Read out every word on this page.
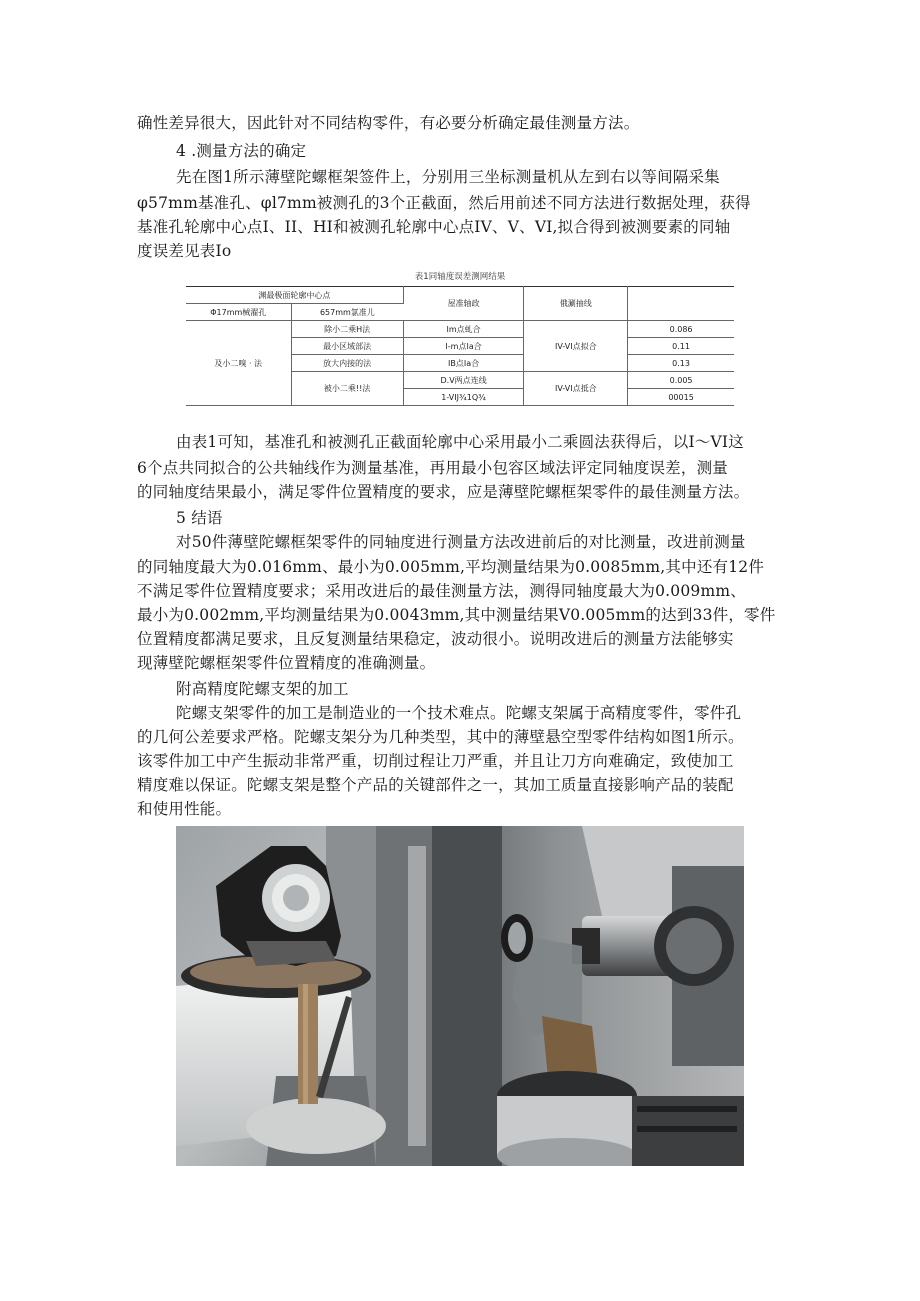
确性差异很大，因此针对不同结构零件，有必要分析确定最佳测量方法。
4 .测量方法的确定
先在图1所示薄壁陀螺框架签件上，分别用三坐标测量机从左到右以等间隔采集
φ57mm基准孔、φl7mm被测孔的3个正截面，然后用前述不同方法进行数据处理，获得
基准孔轮廓中心点I、II、HI和被测孔轮廓中心点IV、V、VI,拟合得到被测要素的同轴
度误差见表Io
表1同轴度误差测网结果
渊最极面轮廓中心点		屋准轴政	俄涮抽线	
Φ17mm械濯孔	657mm氯准儿			
及小二嗅 · 法	除小二乘H法	Im点虬合	IV-VI点拟合	0.086
	最小区域部法	I-m点Ia合		0.11
	放大内接的法	IB点Ia合		0.13
	被小二乘!!法	D.V两点连线	IV-VI点抵合	0.005
		1-VIJ¾1Q¾		00015
由表1可知，基准孔和被测孔正截面轮廓中心采用最小二乘圆法获得后，以I～VI这
6个点共同拟合的公共轴线作为测量基准，再用最小包容区域法评定同轴度误差，测量
的同轴度结果最小，满足零件位置精度的要求，应是薄壁陀螺框架零件的最佳测量方法。
5 结语
对50件薄壁陀螺框架零件的同轴度进行测量方法改进前后的对比测量，改进前测量
的同轴度最大为0.016mm、最小为0.005mm,平均测量结果为0.0085mm,其中还有12件
不满足零件位置精度要求；采用改进后的最佳测量方法，测得同轴度最大为0.009mm、
最小为0.002mm,平均测量结果为0.0043mm,其中测量结果V0.005mm的达到33件，零件
位置精度都满足要求，且反复测量结果稳定，波动很小。说明改进后的测量方法能够实
现薄壁陀螺框架零件位置精度的准确测量。
附高精度陀螺支架的加工
陀螺支架零件的加工是制造业的一个技术难点。陀螺支架属于高精度零件，零件孔
的几何公差要求严格。陀螺支架分为几种类型，其中的薄壁悬空型零件结构如图1所示。
该零件加工中产生振动非常严重，切削过程让刀严重，并且让刀方向难确定，致使加工
精度难以保证。陀螺支架是整个产品的关键部件之一，其加工质量直接影响产品的装配
和使用性能。
